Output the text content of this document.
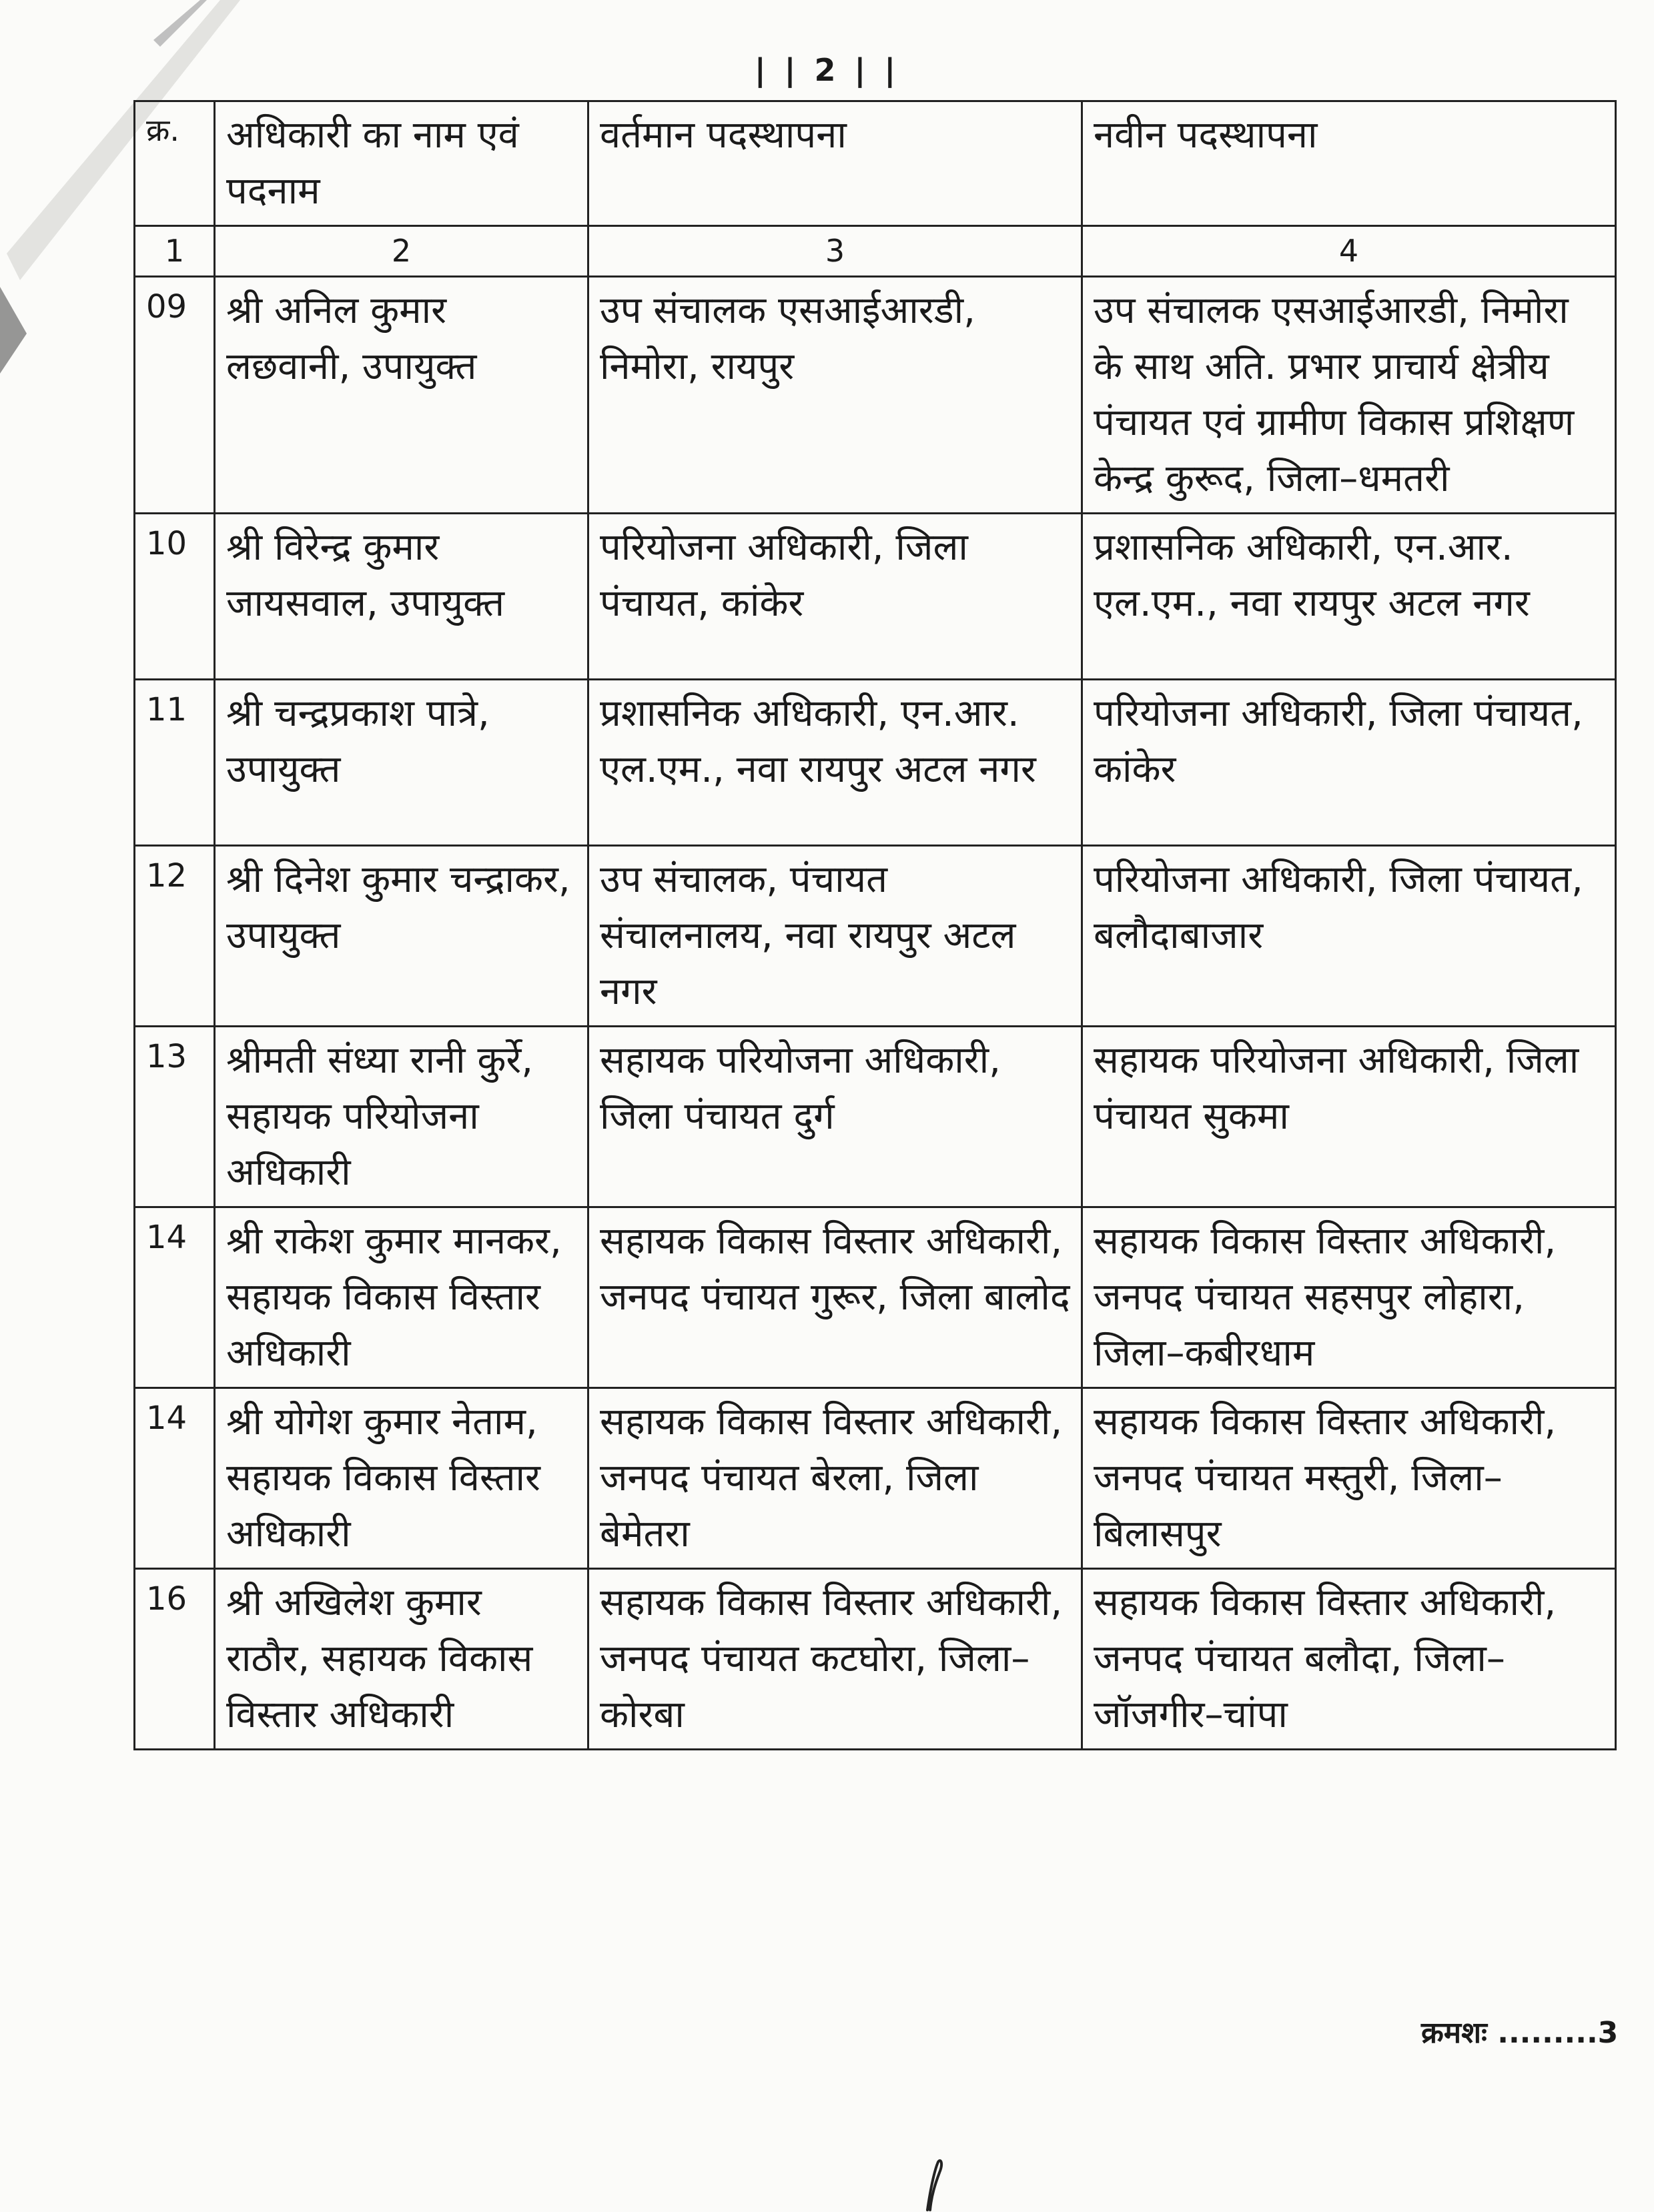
| | 2 | |
क्र.	अधिकारी का नाम एवं पदनाम	वर्तमान पदस्थापना	नवीन पदस्थापना
1	2	3	4
09	श्री अनिल कुमार लछवानी, उपायुक्त	उप संचालक एसआईआरडी, निमोरा, रायपुर	उप संचालक एसआईआरडी, निमोरा के साथ अति. प्रभार प्राचार्य क्षेत्रीय पंचायत एवं ग्रामीण विकास प्रशिक्षण केन्द्र कुरूद, जिला–धमतरी
10	श्री विरेन्द्र कुमार जायसवाल, उपायुक्त	परियोजना अधिकारी, जिला पंचायत, कांकेर	प्रशासनिक अधिकारी, एन.आर. एल.एम., नवा रायपुर अटल नगर
11	श्री चन्द्रप्रकाश पात्रे, उपायुक्त	प्रशासनिक अधिकारी, एन.आर. एल.एम., नवा रायपुर अटल नगर	परियोजना अधिकारी, जिला पंचायत, कांकेर
12	श्री दिनेश कुमार चन्द्राकर, उपायुक्त	उप संचालक, पंचायत संचालनालय, नवा रायपुर अटल नगर	परियोजना अधिकारी, जिला पंचायत, बलौदाबाजार
13	श्रीमती संध्या रानी कुर्रे, सहायक परियोजना अधिकारी	सहायक परियोजना अधिकारी, जिला पंचायत दुर्ग	सहायक परियोजना अधिकारी, जिला पंचायत सुकमा
14	श्री राकेश कुमार मानकर, सहायक विकास विस्तार अधिकारी	सहायक विकास विस्तार अधिकारी, जनपद पंचायत गुरूर, जिला बालोद	सहायक विकास विस्तार अधिकारी, जनपद पंचायत सहसपुर लोहारा, जिला–कबीरधाम
14	श्री योगेश कुमार नेताम, सहायक विकास विस्तार अधिकारी	सहायक विकास विस्तार अधिकारी, जनपद पंचायत बेरला, जिला बेमेतरा	सहायक विकास विस्तार अधिकारी, जनपद पंचायत मस्तुरी, जिला–बिलासपुर
16	श्री अखिलेश कुमार राठौर, सहायक विकास विस्तार अधिकारी	सहायक विकास विस्तार अधिकारी, जनपद पंचायत कटघोरा, जिला–कोरबा	सहायक विकास विस्तार अधिकारी, जनपद पंचायत बलौदा, जिला–जॉजगीर–चांपा
क्रमशः .........3
